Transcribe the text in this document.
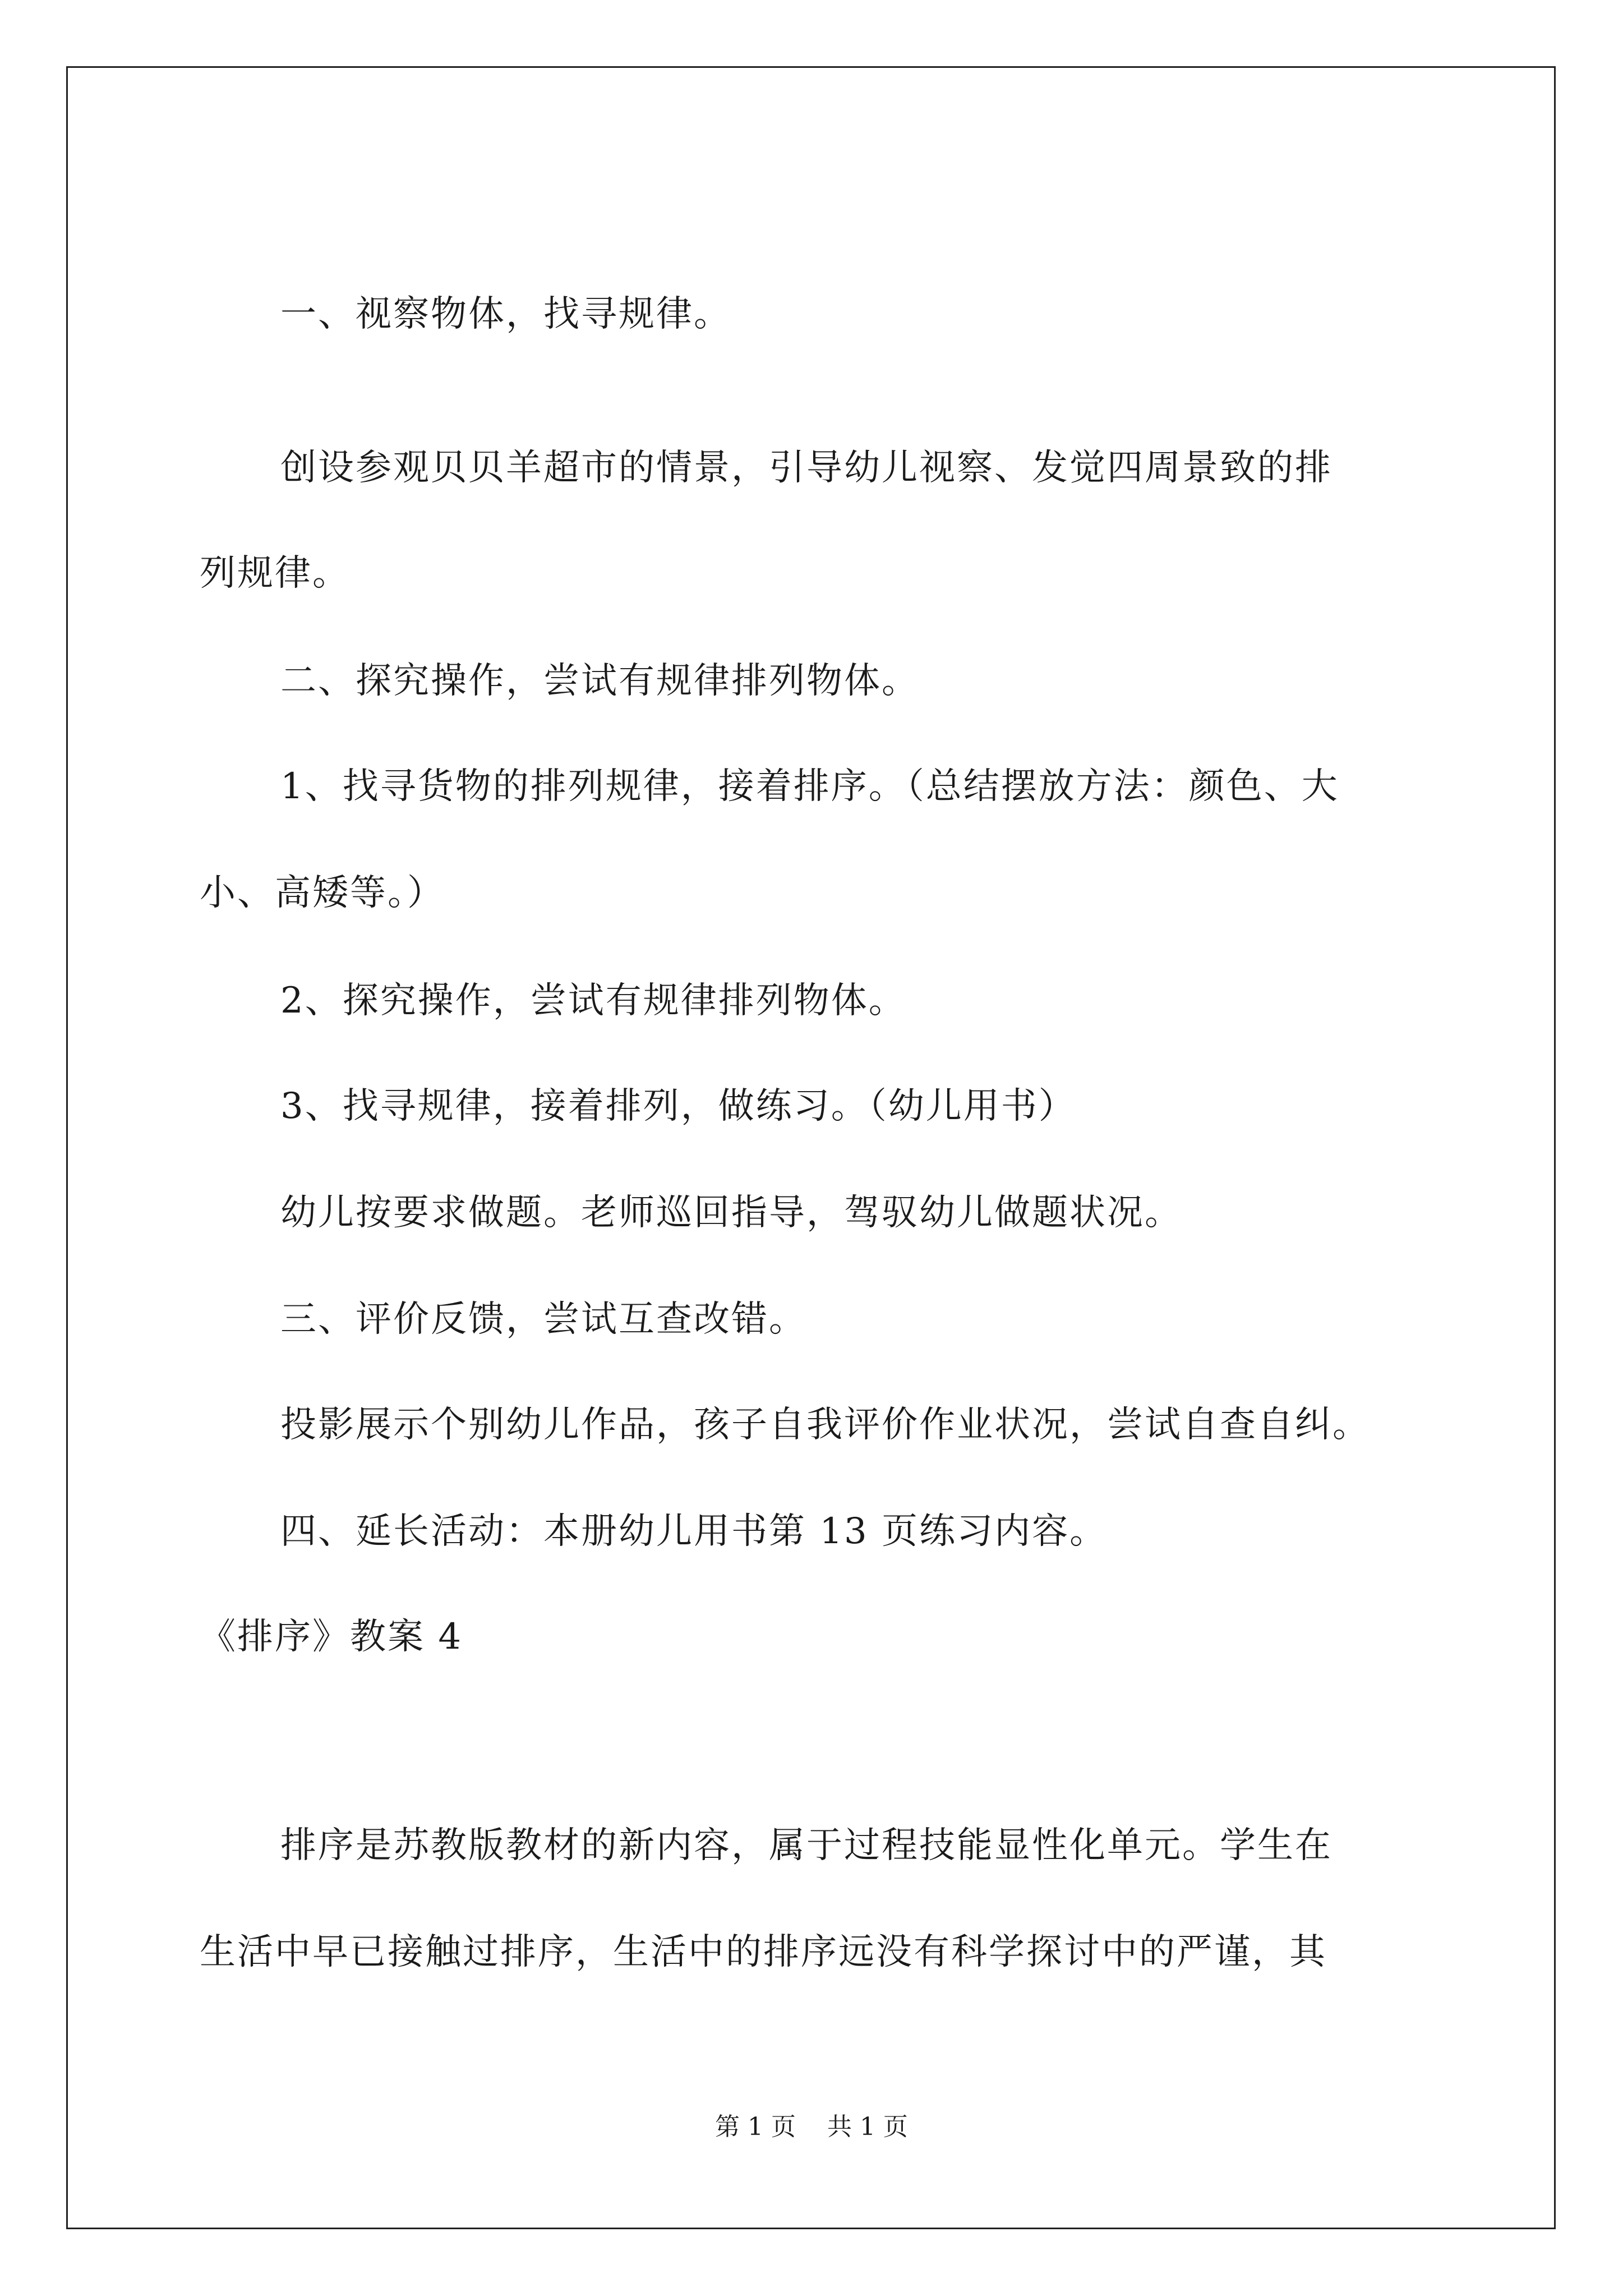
一、视察物体，找寻规律。

创设参观贝贝羊超市的情景，引导幼儿视察、发觉四周景致的排

列规律。

二、探究操作，尝试有规律排列物体。

1、找寻货物的排列规律，接着排序。（总结摆放方法：颜色、大

小、高矮等。）

2、探究操作，尝试有规律排列物体。

3、找寻规律，接着排列，做练习。（幼儿用书）

幼儿按要求做题。老师巡回指导，驾驭幼儿做题状况。

三、评价反馈，尝试互查改错。

投影展示个别幼儿作品，孩子自我评价作业状况，尝试自查自纠。

四、延长活动：本册幼儿用书第 13 页练习内容。

《排序》教案 4

排序是苏教版教材的新内容，属于过程技能显性化单元。学生在

生活中早已接触过排序，生活中的排序远没有科学探讨中的严谨，其

第 1 页    共 1 页
